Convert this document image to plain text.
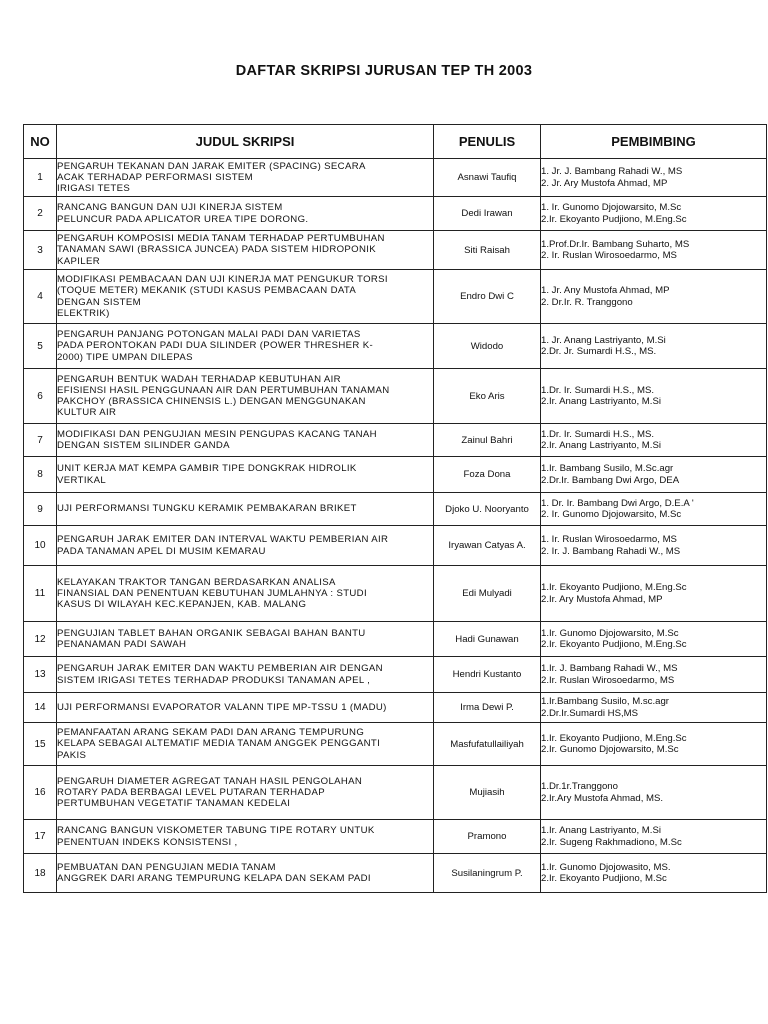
DAFTAR SKRIPSI JURUSAN TEP TH 2003
NO	JUDUL SKRIPSI	PENULIS	PEMBIMBING
1	PENGARUH TEKANAN DAN JARAK EMITER (SPACING) SECARA
ACAK TERHADAP PERFORMASI SISTEM
IRIGASI TETES	Asnawi Taufiq	1. Jr. J. Bambang Rahadi W., MS
2. Jr. Ary Mustofa Ahmad, MP
2	RANCANG BANGUN DAN UJI KINERJA SISTEM
PELUNCUR PADA APLICATOR UREA TIPE DORONG.	Dedi Irawan	1. Ir. Gunomo Djojowarsito, M.Sc
2.Ir. Ekoyanto Pudjiono, M.Eng.Sc
3	PENGARUH KOMPOSISI MEDIA TANAM TERHADAP PERTUMBUHAN
TANAMAN SAWI (BRASSICA JUNCEA) PADA SISTEM HIDROPONIK
KAPILER	Siti Raisah	1.Prof.Dr.Ir. Bambang Suharto, MS
2. Ir. Ruslan Wirosoedarmo, MS
4	MODIFIKASI PEMBACAAN DAN UJI KINERJA MAT PENGUKUR TORSI
(TOQUE METER) MEKANIK (STUDI KASUS PEMBACAAN DATA
DENGAN SISTEM
ELEKTRIK)	Endro Dwi C	1. Jr. Any Mustofa Ahmad, MP
2. Dr.Ir. R. Tranggono
5	PENGARUH PANJANG POTONGAN MALAI PADI DAN VARIETAS
PADA PERONTOKAN PADI DUA SILINDER (POWER THRESHER K-
2000) TIPE UMPAN DILEPAS	Widodo	1. Jr. Anang Lastriyanto, M.Si
2.Dr. Jr. Sumardi H.S., MS.
6	PENGARUH BENTUK WADAH TERHADAP KEBUTUHAN AIR
EFISIENSI HASIL PENGGUNAAN AIR DAN PERTUMBUHAN TANAMAN
PAKCHOY (BRASSICA CHINENSIS L.) DENGAN MENGGUNAKAN
KULTUR AIR	Eko Aris	1.Dr. Ir. Sumardi H.S., MS.
2.Ir. Anang Lastriyanto, M.Si
7	MODIFIKASI DAN PENGUJIAN MESIN PENGUPAS KACANG TANAH
DENGAN SISTEM SILINDER GANDA	Zainul Bahri	1.Dr. Ir. Sumardi H.S., MS.
2.Ir. Anang Lastriyanto, M.Si
8	UNIT KERJA MAT KEMPA GAMBIR TIPE DONGKRAK HIDROLIK
VERTIKAL	Foza Dona	1.Ir. Bambang Susilo, M.Sc.agr
2.Dr.Ir. Bambang Dwi Argo, DEA
9	UJI PERFORMANSI TUNGKU KERAMIK PEMBAKARAN BRIKET	Djoko U. Nooryanto	1. Dr. Ir. Bambang Dwi Argo, D.E.A '
2. Ir. Gunomo Djojowarsito, M.Sc
10	PENGARUH JARAK EMITER DAN INTERVAL WAKTU PEMBERIAN AIR
PADA TANAMAN APEL DI MUSIM KEMARAU	Iryawan Catyas A.	1. Ir. Ruslan Wirosoedarmo, MS
2. Ir. J. Bambang Rahadi W., MS
11	KELAYAKAN TRAKTOR TANGAN BERDASARKAN ANALISA
FINANSIAL DAN PENENTUAN KEBUTUHAN JUMLAHNYA : STUDI
KASUS DI WILAYAH KEC.KEPANJEN, KAB. MALANG	Edi Mulyadi	1.Ir. Ekoyanto Pudjiono, M.Eng.Sc
2.Ir. Ary Mustofa Ahmad, MP
12	PENGUJIAN TABLET BAHAN ORGANIK SEBAGAI BAHAN BANTU
PENANAMAN PADI SAWAH	Hadi Gunawan	1.Ir. Gunomo Djojowarsito, M.Sc
2.Ir. Ekoyanto Pudjiono, M.Eng.Sc
13	PENGARUH JARAK EMITER DAN WAKTU PEMBERIAN AIR DENGAN
SISTEM IRIGASI TETES TERHADAP PRODUKSI TANAMAN APEL ,	Hendri Kustanto	1.Ir. J. Bambang Rahadi W., MS
2.Ir. Ruslan Wirosoedarmo, MS
14	UJI PERFORMANSI EVAPORATOR VALANN TIPE MP-TSSU 1 (MADU)	Irma Dewi P.	1.Ir.Bambang Susilo, M.sc.agr
2.Dr.Ir.Sumardi HS,MS
15	PEMANFAATAN ARANG SEKAM PADI DAN ARANG TEMPURUNG
KELAPA SEBAGAI ALTEMATIF MEDIA TANAM ANGGEK PENGGANTI
PAKIS	Masfufatullailiyah	1.Ir. Ekoyanto Pudjiono, M.Eng.Sc
2.Ir. Gunomo Djojowarsito, M.Sc
16	PENGARUH DIAMETER AGREGAT TANAH HASIL PENGOLAHAN
ROTARY PADA BERBAGAI LEVEL PUTARAN TERHADAP
PERTUMBUHAN VEGETATIF TANAMAN KEDELAI	Mujiasih	1.Dr.1r.Tranggono
2.Ir.Ary Mustofa Ahmad, MS.
17	RANCANG BANGUN VISKOMETER TABUNG TIPE ROTARY UNTUK
PENENTUAN INDEKS KONSISTENSI ,	Pramono	1.Ir. Anang Lastriyanto, M.Si
2.Ir. Sugeng Rakhmadiono, M.Sc
18	PEMBUATAN DAN PENGUJIAN MEDIA TANAM
ANGGREK DARI ARANG TEMPURUNG KELAPA DAN SEKAM PADI	Susilaningrum P.	1.Ir. Gunomo Djojowasito, MS.
2.Ir. Ekoyanto Pudjiono, M.Sc
